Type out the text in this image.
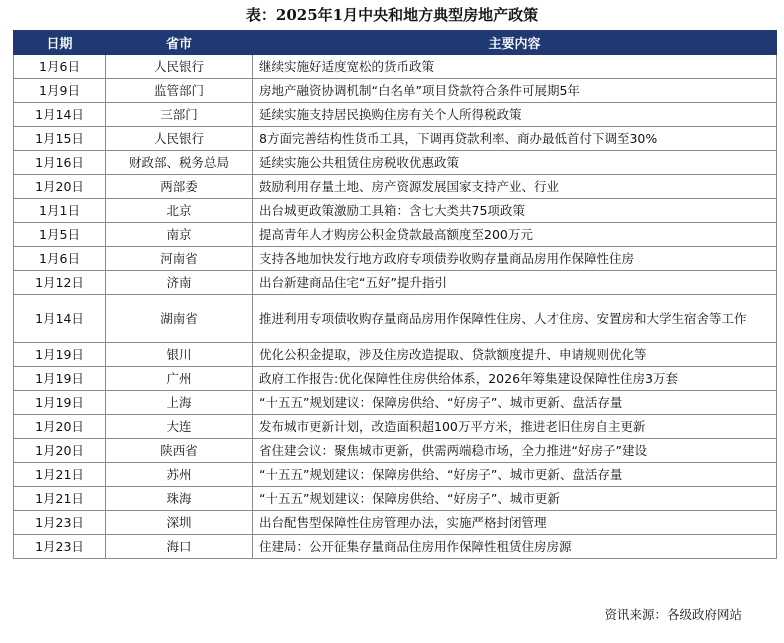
表：2025年1月中央和地方典型房地产政策
日期	省市	主要内容
1月6日	人民银行	继续实施好适度宽松的货币政策
1月9日	监管部门	房地产融资协调机制“白名单”项目贷款符合条件可展期5年
1月14日	三部门	延续实施支持居民换购住房有关个人所得税政策
1月15日	人民银行	8方面完善结构性货币工具，下调再贷款利率、商办最低首付下调至30%
1月16日	财政部、税务总局	延续实施公共租赁住房税收优惠政策
1月20日	两部委	鼓励利用存量土地、房产资源发展国家支持产业、行业
1月1日	北京	出台城更政策激励工具箱：含七大类共75项政策
1月5日	南京	提高青年人才购房公积金贷款最高额度至200万元
1月6日	河南省	支持各地加快发行地方政府专项债券收购存量商品房用作保障性住房
1月12日	济南	出台新建商品住宅“五好”提升指引
1月14日	湖南省	推进利用专项债收购存量商品房用作保障性住房、人才住房、安置房和大学生宿舍等工作
1月19日	银川	优化公积金提取，涉及住房改造提取、贷款额度提升、申请规则优化等
1月19日	广州	政府工作报告:优化保障性住房供给体系，2026年筹集建设保障性住房3万套
1月19日	上海	“十五五”规划建议：保障房供给、“好房子”、城市更新、盘活存量
1月20日	大连	发布城市更新计划，改造面积超100万平方米，推进老旧住房自主更新
1月20日	陕西省	省住建会议：聚焦城市更新，供需两端稳市场，全力推进“好房子”建设
1月21日	苏州	“十五五”规划建议：保障房供给、“好房子”、城市更新、盘活存量
1月21日	珠海	“十五五”规划建议：保障房供给、“好房子”、城市更新
1月23日	深圳	出台配售型保障性住房管理办法，实施严格封闭管理
1月23日	海口	住建局：公开征集存量商品住房用作保障性租赁住房房源
资讯来源：各级政府网站
